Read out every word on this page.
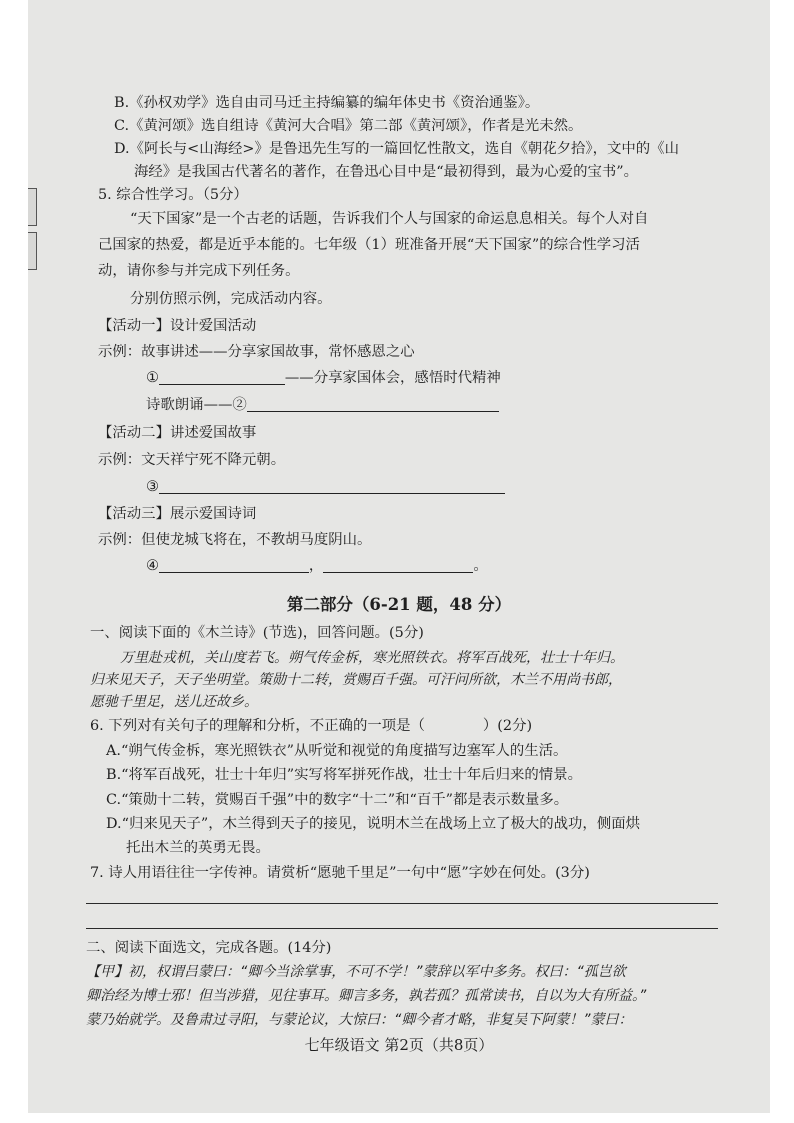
B.《孙权劝学》选自由司马迁主持编纂的编年体史书《资治通鉴》。
C.《黄河颂》选自组诗《黄河大合唱》第二部《黄河颂》，作者是光未然。
D.《阿长与<山海经>》是鲁迅先生写的一篇回忆性散文，选自《朝花夕拾》，文中的《山
海经》是我国古代著名的著作，在鲁迅心目中是“最初得到，最为心爱的宝书”。
5. 综合性学习。（5分）
“天下国家”是一个古老的话题，告诉我们个人与国家的命运息息相关。每个人对自
己国家的热爱，都是近乎本能的。七年级（1）班准备开展“天下国家”的综合性学习活
动，请你参与并完成下列任务。
分别仿照示例，完成活动内容。
【活动一】设计爱国活动
示例：故事讲述——分享家国故事，常怀感恩之心
①	——分享家国体会，感悟时代精神
诗歌朗诵——②
【活动二】讲述爱国故事
示例：文天祥宁死不降元朝。
③
【活动三】展示爱国诗词
示例：但使龙城飞将在，不教胡马度阴山。
④	，	。
第二部分（6-21 题，48 分）
一、阅读下面的《木兰诗》(节选)，回答问题。(5分)
万里赴戎机，关山度若飞。朔气传金柝，寒光照铁衣。将军百战死，壮士十年归。
归来见天子，天子坐明堂。策勋十二转，赏赐百千强。可汗问所欲，木兰不用尚书郎，
愿驰千里足，送儿还故乡。
6. 下列对有关句子的理解和分析，不正确的一项是（	）(2分)
A.“朔气传金柝，寒光照铁衣”从听觉和视觉的角度描写边塞军人的生活。
B.“将军百战死，壮士十年归”实写将军拼死作战，壮士十年后归来的情景。
C.“策勋十二转，赏赐百千强”中的数字“十二”和“百千”都是表示数量多。
D.“归来见天子”，木兰得到天子的接见，说明木兰在战场上立了极大的战功，侧面烘
托出木兰的英勇无畏。
7. 诗人用语往往一字传神。请赏析“愿驰千里足”一句中“愿”字妙在何处。(3分)
二、阅读下面选文，完成各题。(14分)
【甲】初，权谓吕蒙曰：“卿今当涂掌事，不可不学！”蒙辞以军中多务。权曰：“孤岂欲
卿治经为博士邪！但当涉猎，见往事耳。卿言多务，孰若孤？孤常读书，自以为大有所益。”
蒙乃始就学。及鲁肃过寻阳，与蒙论议，大惊曰：“卿今者才略，非复吴下阿蒙！”蒙曰：
七年级语文 第2页（共8页）
